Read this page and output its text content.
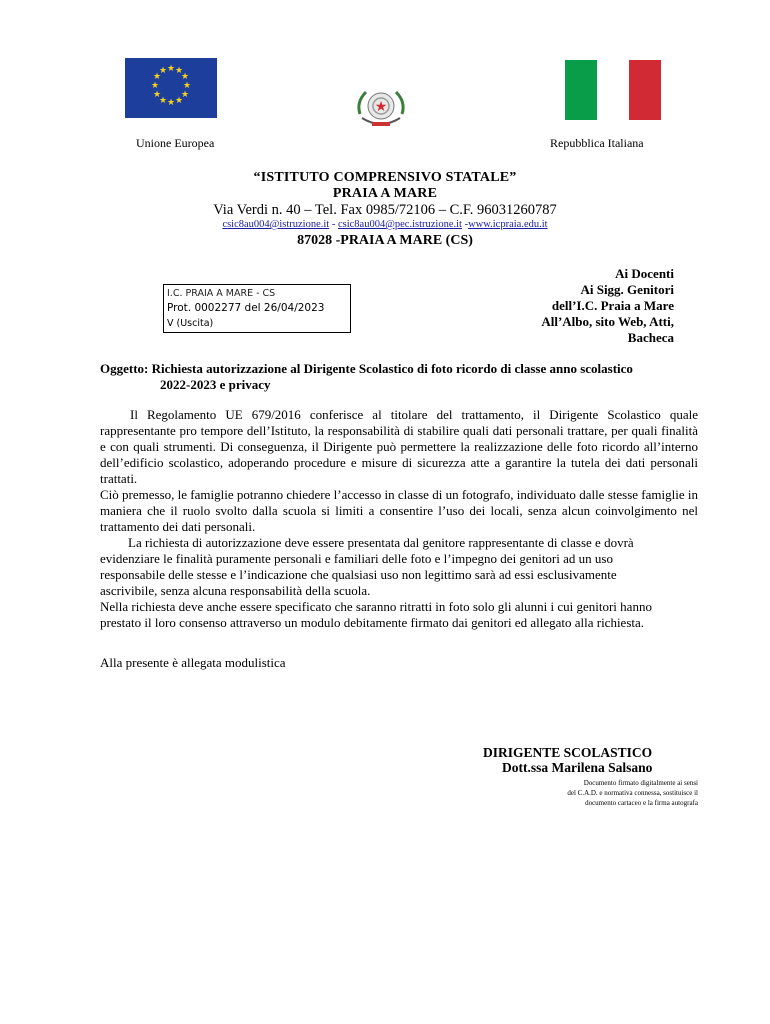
★ ★
★
★
★
★
★
★
★
★
★
★
★
Unione Europea	Repubblica Italiana
“ISTITUTO COMPRENSIVO STATALE”
PRAIA A MARE
Via Verdi n. 40 – Tel. Fax 0985/72106 – C.F. 96031260787
csic8au004@istruzione.it - csic8au004@pec.istruzione.it -www.icpraia.edu.it
87028 -PRAIA A MARE (CS)
I.C. PRAIA A MARE - CS
Prot. 0002277 del 26/04/2023
V (Uscita)
Ai Docenti
Ai Sigg. Genitori
dell’I.C. Praia a Mare
All’Albo, sito Web, Atti,
Bacheca
Oggetto: Richiesta autorizzazione al Dirigente Scolastico di foto ricordo di classe anno scolastico
2022-2023 e privacy
Il Regolamento UE 679/2016 conferisce al titolare del trattamento, il Dirigente Scolastico quale rappresentante pro tempore dell’Istituto, la responsabilità di stabilire quali dati personali trattare, per quali finalità e con quali strumenti. Di conseguenza, il Dirigente può permettere la realizzazione delle foto ricordo all’interno dell’edificio scolastico, adoperando procedure e misure di sicurezza atte a garantire la tutela dei dati personali trattati.
Ciò premesso, le famiglie potranno chiedere l’accesso in classe di un fotografo, individuato dalle stesse famiglie in maniera che il ruolo svolto dalla scuola si limiti a consentire l’uso dei locali, senza alcun coinvolgimento nel trattamento dei dati personali.
La richiesta di autorizzazione deve essere presentata dal genitore rappresentante di classe e dovrà evidenziare le finalità puramente personali e familiari delle foto e l’impegno dei genitori ad un uso responsabile delle stesse e l’indicazione che qualsiasi uso non legittimo sarà ad essi esclusivamente ascrivibile, senza alcuna responsabilità della scuola.
Nella richiesta deve anche essere specificato che saranno ritratti in foto solo gli alunni i cui genitori hanno prestato il loro consenso attraverso un modulo debitamente firmato dai genitori ed allegato alla richiesta.
Alla presente è allegata modulistica
DIRIGENTE SCOLASTICO
Dott.ssa Marilena Salsano
Documento firmato digitalmente ai sensi
del C.A.D. e normativa connessa, sostituisce il
documento cartaceo e la firma autografa
